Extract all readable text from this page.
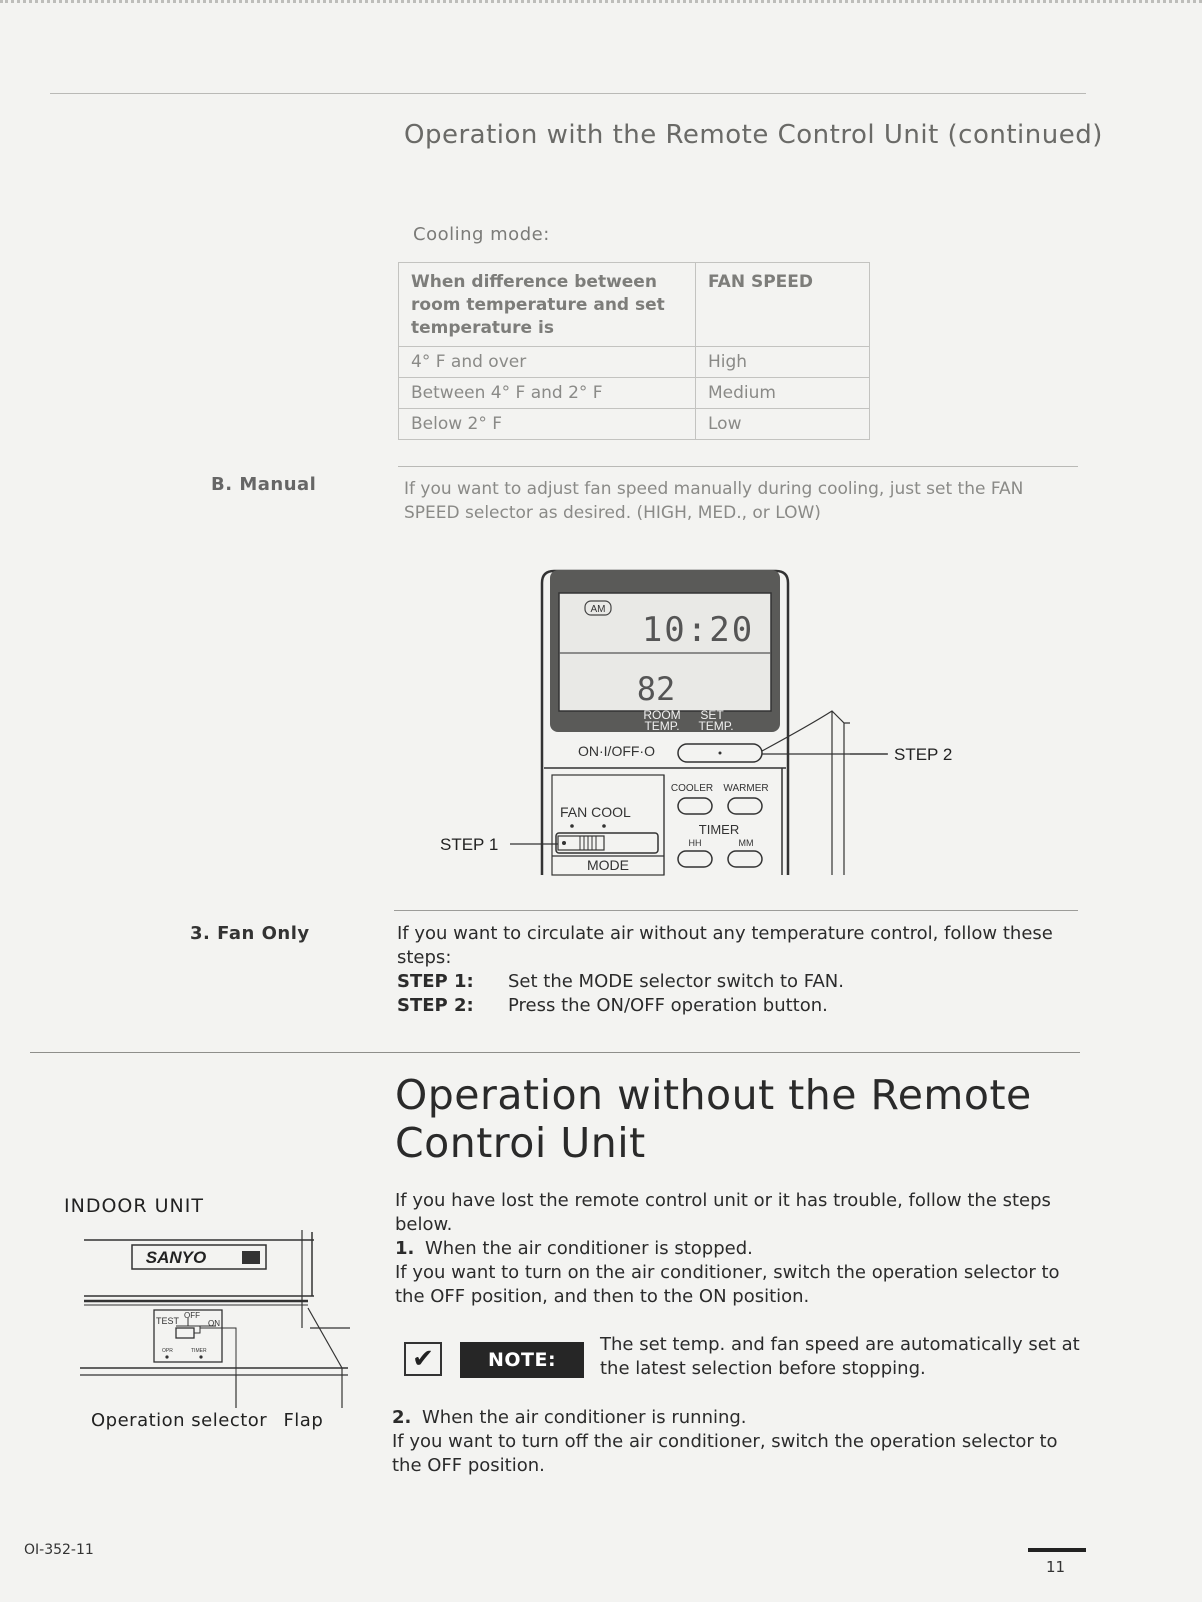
Operation with the Remote Control Unit (continued)
Cooling mode:
When difference between room temperature and set temperature is	FAN SPEED
4° F and over	High
Between 4° F and 2° F	Medium
Below 2° F	Low
B. Manual	If you want to adjust fan speed manually during cooling, just set the FAN SPEED selector as desired. (HIGH, MED., or LOW)
AM
10:20
82
ROOM
TEMP.
SET
TEMP.
ON·I/OFF·O
FAN COOL
MODE
COOLER WARMER
TIMER
HH	MM
STEP 2
STEP 1
3. Fan Only	If you want to circulate air without any temperature control, follow these steps:
STEP 1: Set the MODE selector switch to FAN.
STEP 2: Press the ON/OFF operation button.
Operation without the Remote
Controi Unit
If you have lost the remote control unit or it has trouble, follow the steps below.
1. When the air conditioner is stopped.
If you want to turn on the air conditioner, switch the operation selector to the OFF position, and then to the ON position.
✔	NOTE:
The set temp. and fan speed are automatically set at the latest selection before stopping.
2. When the air conditioner is running.
If you want to turn off the air conditioner, switch the operation selector to the OFF position.
INDOOR UNIT
SANYO
TEST
OFF
ON
OPR	TIMER
Operation selector Flap
OI-352-11
11
